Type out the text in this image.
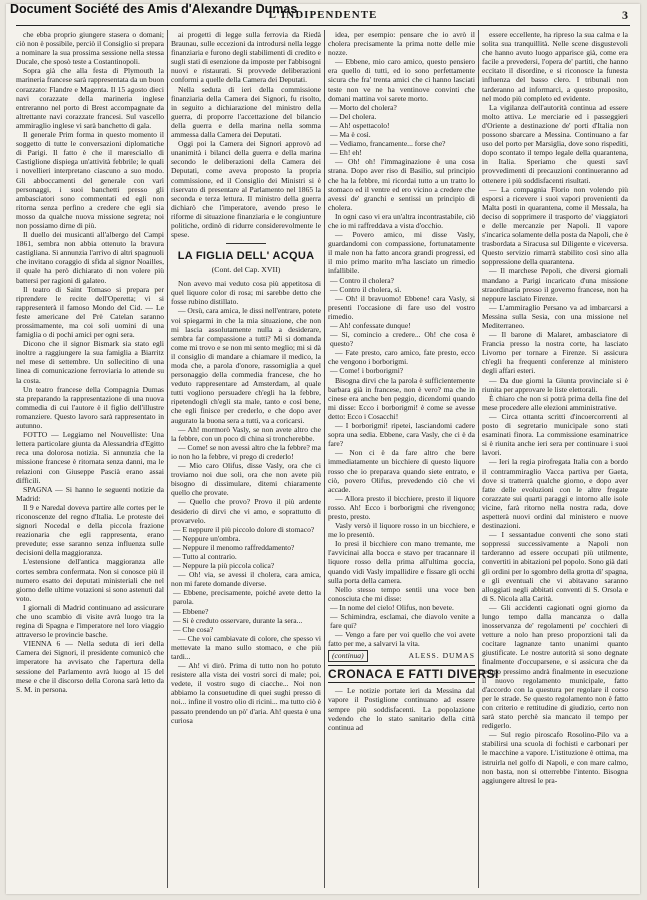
L'INDIPENDENTE	3

che ebba proprio giungere stasera o domani; ciò non è possibile, perciò il Consiglio si prepara a nominare la sua prossima sessione nella stessa Ducale, che sposò teste a Costantinopoli.

Sopra già che alla festa di Plymouth la marineria francese sarà rappresentata da un buon corazzato: Flandre e Magenta. Il 15 agosto dieci navi corazzate della marineria inglese entreranno nel porto di Brest accompagnate da altrettante navi corazzate francesi. Sul vascello ammiraglio inglese vi sarà banchetto di gala.

Il generale Prim forma in questo momento il soggetto di tutte le conversazioni diplomatiche di Parigi. Il fatto è che il maresciallo di Castiglione dispiega un'attività febbrile; le quali i novellieri interpretano ciascuno a suo modo. Gli abboccamenti del generale con varì personaggi, i suoi banchetti presso gli ambasciatori sono commentati ed egli non ritorna senza perfino a credere che egli sia mosso da qualche nuova missione segreta; noi non possiamo dirne di più.

Il duello dei musicanti all'albergo del Campi 1861, sembra non abbia ottenuto la bravura castigliana. Si annunzia l'arrivo di altri spagnuoli che invitano coraggio di sfida al signor Noailles, il quale ha però dichiarato di non volere più battersi per ragioni di galateo.

Il teatro di Saint Tomaso si prepara per riprendere le recite dell'Operetta; vi si rappresenterà il famoso Mondo del Cid. — Le feste americane del Prè Catelan saranno prossimamente, ma coi soli uomini di una famiglia o di pochi amici per ogni sera.

Dicono che il signor Bismark sia stato egli inoltre a raggiungere la sua famiglia a Biarritz nel mese di settembre. Un sollecitino di una linea di comunicazione ferroviaria lo attende su la costa.

Un teatro francese della Compagnia Dumas sta preparando la rappresentazione di una nuova commedia di cui l'autore è il figlio dell'illustre romanziere. Questo lavoro sarà rappresentato in autunno.

FOTTO — Leggiamo nel Nouvelliste: Una lettera particolare giunta da Alessandria d'Egitto reca una dolorosa notizia. Si annunzia che la missione francese è ritornata senza danni, ma le relazioni con Giuseppe Pascià erano assai difficili.

SPAGNA — Si hanno le seguenti notizie da Madrid:

Il 9 e Naredal doveva partire alle cortes per le riconoscenze del regno d'Italia. Le proteste dei signori Nocedal e della piccola frazione reazionaria che egli rappresenta, erano prevedute; esse saranno senza influenza sulle decisioni della maggioranza.

L'estensione dell'antica maggioranza alle cortes sembra confermata. Non si conosce più il numero esatto dei deputati ministeriali che nel giorno delle ultime votazioni si sono astenuti dal voto.

I giornali di Madrid continuano ad assicurare che uno scambio di visite avrà luogo tra la regina di Spagna e l'imperatore nel loro viaggio attraverso le provincie basche.

VIENNA 6 — Nella seduta di ieri della Camera dei Signori, il presidente comunicò che imperatore ha avvisato che l'apertura della sessione del Parlamento avrà luogo al 15 del mese e che il discorso della Corona sarà letto da S. M. in persona.

ai progetti di legge sulla ferrovia da Riedà Braunau, sulle eccezioni da introdursi nella legge finanziaria e furono degli stabilimenti di credito e sugli stati di esenzione da imposte per l'abbisogni nuovi e ristaurati. Si provvede deliberazioni conformi a quelle della Camera dei Deputati.

Nella seduta di ieri della commissione finanziaria della Camera dei Signori, fu risolto, in seguito a dichiarazione del ministro della guerra, di proporre l'accettazione del bilancio della guerra e della marina nella somma ammessa dalla Camera dei Deputati.

Oggi poi la Camera dei Signori approvò ad unanimità i bilanci della guerra e della marina secondo le deliberazioni della Camera dei Deputati, come aveva proposto la propria commissione, ed il Consiglio dei Ministri si è riservato di presentare al Parlamento nel 1865 la seconda e terza lettura. Il ministro della guerra dichiarò che l'imperatore, avendo preso le riforme di situazione finanziaria e le congiunture politiche, ordinò di ridurre considerevolmente le spese.

LA FIGLIA DELL' ACQUA
(Cont. del Cap. XVII)

Non avevo mai veduto cosa più appetitosa di quel liquore color di rosa; mi sarebbe detto che fosse rubino distillato.

— Orsù, cara amica, le dissi nell'entrare, potete voi spiegarmi in che la mia situazione, che non mi lascia assolutamente nulla a desiderare, sembra far compassione a tutti? Mi si domanda come mi trovo e se non mi sento meglio; mi si dà il consiglio di mandare a chiamare il medico, la moda che, a parola d'onore, rassomiglia a quel personaggio della commedia francese, che ho veduto rappresentare ad Amsterdam, al quale tutti vogliono persuadere ch'egli ha la febbre, ripetendogli ch'egli sta male, tanto e così bene, che egli finisce per crederlo, e che dopo aver augurato la buona sera a tutti, va a coricarsi.

— Ah! mormorò Vasly, se non avete altro che la febbre, con un poco di china si troncherebbe.

— Come! se non avessi altro che la febbre? ma io non ho la febbre, vi prego di crederlo!

— Mio caro Olifus, disse Vasly, ora che ci troviamo noi due soli, ora che non avete più bisogno di dissimulare, ditemi chiaramente quello che provate.

— Quello che provo? Provo il più ardente desiderio di dirvi che vi amo, e soprattutto di provarvelo.

— E neppure il più piccolo dolore di stomaco?

— Neppure un'ombra.

— Neppure il menomo raffreddamento?

— Tutto al contrario.

— Neppure la più piccola colica?

— Oh! via, se avessi il cholera, cara amica, non mi farete domande diverse.

— Ebbene, precisamente, poiché avete detto la parola.

— Ebbene?

— Si è creduto osservare, durante la sera...

— Che cosa?

— Che voi cambiavate di colore, che spesso vi mettevate la mano sullo stomaco, e che più tardi...

— Ah! vi dirò. Prima di tutto non ho potuto resistere alla vista dei vostri sorci di male; poi, vedete, il vostro sugo di ciacche... Noi non abbiamo la consuetudine di quei sughi presso di noi... infine il vostro olio di ricini... ma tutto ciò è passato prendendo un pò' d'aria. Ah! questa è una curiosa

idea, per esempio: pensare che io avrò il cholera precisamente la prima notte delle mie nozze.

— Ebbene, mio caro amico, questo pensiero era quello di tutti, ed io sono perfettamente sicura che fra' trenta amici che ci hanno lasciati teste non ve ne ha ventinove convinti che domani mattina voi sarete morto.

— Morto del cholera?

— Del cholera.

— Ah! ospettacolo!

— Ma è così.

— Vediamo, francamente... forse che?

— Eh! eh!

— Oh! oh! l'immaginazione è una cosa strana. Dopo aver riso di Basilio, sul principio che ha la febbre, mi ricordai tutto a un tratto lo stomaco ed il ventre ed ero vicino a credere che avessi de' granchi e sentissi un principio di cholera.

In ogni caso vi era un'altra incontrastabile, ciò che io mi raffreddava a vista d'occhio.

— Povero amico, mi disse Vasly, guardandomi con compassione, fortunatamente il male non ha fatto ancora grandi progressi, ed il mio primo marito m'ha lasciato un rimedio infallibile.

— Contro il cholera?

— Contro il cholera, sì.

— Oh! il bravuomo! Ebbene! cara Vasly, si presenti l'occasione di fare uso del vostro rimedio.

— Ah! confessate dunque!

— Sì, comincio a credere... Oh! che cosa è questo?

— Fate presto, caro amico, fate presto, ecco che vengono i borborigmi.

— Come! i borborigmi?

Bisogna dirvi che la parola è sufficientemente barbara già in francese, non è vero? ma che in cinese era anche ben peggio, dicendomi quando mi disse: Ecco i borborigmi! è come se avesse detto: Ecco i Cosacchi!

— I borborigmi! ripetei, lasciandomi cadere sopra una sedia. Ebbene, cara Vasly, che ci è da fare?

— Non ci è da fare altro che bere immediatamente un bicchiere di questo liquore rosso che io preparava quando siete entrato, e ciò, povero Olifus, prevedendo ciò che vi accade.

— Allora presto il bicchiere, presto il liquore rosso. Ah! Ecco i borborigmi che rivengono; presto, presto.

Vasly versò il liquore rosso in un bicchiere, e me lo presentò.

Io presi il bicchiere con mano tremante, me l'avvicinai alla bocca e stavo per tracannare il liquore rosso della prima all'ultima goccia, quando vidi Vasly impallidire e fissare gli occhi sulla porta della camera.

Nello stesso tempo sentii una voce ben conosciuta che mi disse:

— In nome del cielo! Olifus, non bevete.

— Schimindra, esclamai, che diavolo venite a fare qui?

— Vengo a fare per voi quello che voi avete fatto per me, a salvarvi la vita.

(continua)	ALESS. DUMAS
CRONACA E FATTI DIVERSI

— Le notizie portate ieri da Messina dal vapore il Postiglione continuano ad essere sempre più soddisfacenti. La popolazione vedendo che lo stato sanitario della città continua ad

essere eccellente, ha ripreso la sua calma e la solita sua tranquillità. Nelle scene disgustevoli che hanno avuto luogo apparisce già, come era facile a prevedersi, l'opera de' partiti, che hanno eccitato il disordine, e si riconosce la funesta influenza del basso clero. I tribunali non tarderanno ad informarci, a questo proposito, nel modo più completo ed evidente.

La vigilanza dell'autorità continua ad essere molto attiva. Le merciarie ed i passeggieri d'Oriente a destinazione de' porti d'Italia non possono sbarcare a Messina. Continuano a far uso del porto per Marsiglia, dove sono rispediti, dopo scontato il tempo legale della quarantena, in Italia. Speriamo che questi savî provvedimenti di precauzioni continueranno ad ottenere i più soddisfacenti risultati.

— La compagnia Florio non volendo più esporsi a ricevere i suoi vapori provenienti da Malta posti in quarantena, come il Messala, ha deciso di sopprimere il trasporto de' viaggiatori e delle mercanzie per Napoli. Il vapore s'incarica solamente della posta da Napoli, che è trasbordata a Siracusa sul Diligente e viceversa. Questo servizio rimarrà stabilito così sino alla soppressione della quarantena.

— Il marchese Pepoli, che diversi giornali mandano a Parigi incaricato d'una missione straordinaria presso il governo francese, non ha neppure lasciato Firenze.

— L'ammiraglio Persano va ad imbarcarsi a Messina sulla Sesia, con una missione nel Mediterraneo.

— Il barone di Malaret, ambasciatore di Francia presso la nostra corte, ha lasciato Livorno per tornare a Firenze. Si assicura ch'egli ha frequenti conferenze al ministero degli affari esteri.

— Da due giorni la Giunta provinciale si è riunita per approvare le liste elettorali.

È chiaro che non si potrà prima della fine del mese procedere alle elezioni amministrative.

— Circa ottanta scritti d'incoercorrenti al posto di segretario municipale sono stati esaminati finora. La commissione esaminatrice si è riunita anche ieri sera per continuare i suoi lavori.

— Ieri la regia pirofregata Italia con a bordo il contrammiraglio Vacca partiva per Gaeta, dove si tratterrà qualche giorno, e dopo aver fatte delle evoluzioni con le altre fregate corazzate sui quarti paraggi e intorno alle isole vicine, farà ritorno nella nostra rada, dove aspetterà nuovi ordini dal ministero e nuove destinazioni.

— I sessantadue conventi che sono stati soppressi successivamente a Napoli non tarderanno ad essere occupati più utilmente, convertiti in abitazioni pel popolo. Sono già dati gli ordini per lo sgombro della grotta di' spagna, e gli eventuali che vi abitavano saranno alloggiati negli abbitati conventi di S. Orsola e di S. Nicola alla Carità.

— Gli accidenti cagionati ogni giorno da lungo tempo dalla mancanza o dalla inosservanza de' regolamenti pe' cocchieri di vetture a nolo han preso proporzioni tali da cocitare lagnanze tanto unanimi quanto giustificate. Le nostre autorità si sono degnate finalmente d'occuparsene, e si assicura che da tempo pressimo andrà finalmente in esecuzione il nuovo regolamento municipale, fatto d'accordo con la questura per regolare il corso per le strade. Se questo regolamento non è fatto con criterio e rettitudine di giudizio, certo non sarà stato perchè sia mancato il tempo per redigerlo.

— Sul regio piroscafo Rosolino-Pilo va a stabilirsi una scuola di fochisti e carbonari per le macchine a vapore. L'istituzione è ottima, ma istruirla nel golfo di Napoli, e con mare calmo, non basta, non si otterrebbe l'intento. Bisogna aggiungere altresì le pra-

Document Société des Amis d'Alexandre Dumas
